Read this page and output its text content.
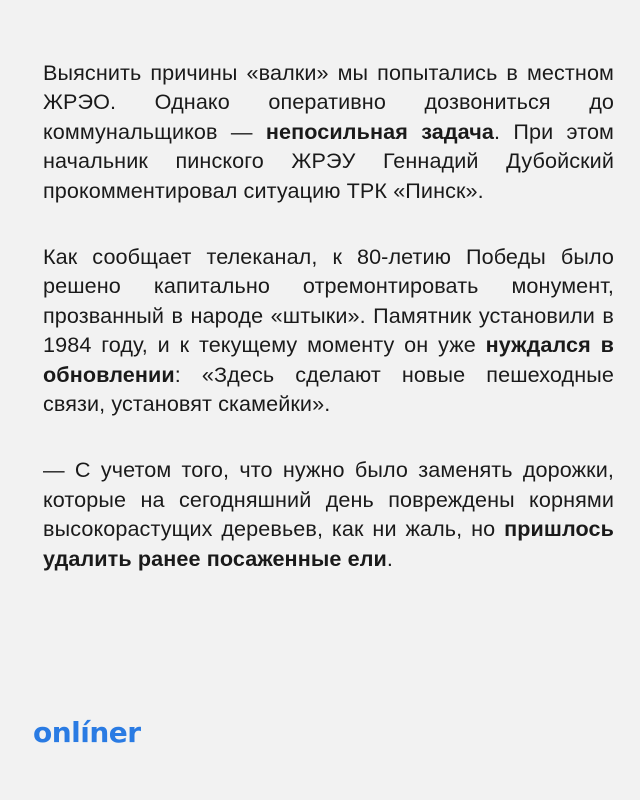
Выяснить причины «валки» мы попытались в местном ЖРЭО. Однако оперативно дозвониться до коммунальщиков — непосильная задача. При этом начальник пинского ЖРЭУ Геннадий Дубойский прокомментировал ситуацию ТРК «Пинск».

Как сообщает телеканал, к 80-летию Победы было решено капитально отремонтировать монумент, прозванный в народе «штыки». Памятник установили в 1984 году, и к текущему моменту он уже нуждался в обновлении: «Здесь сделают новые пешеходные связи, установят скамейки».

— С учетом того, что нужно было заменять дорожки, которые на сегодняшний день повреждены корнями высокорастущих деревьев, как ни жаль, но пришлось удалить ранее посаженные ели.

onlíner
